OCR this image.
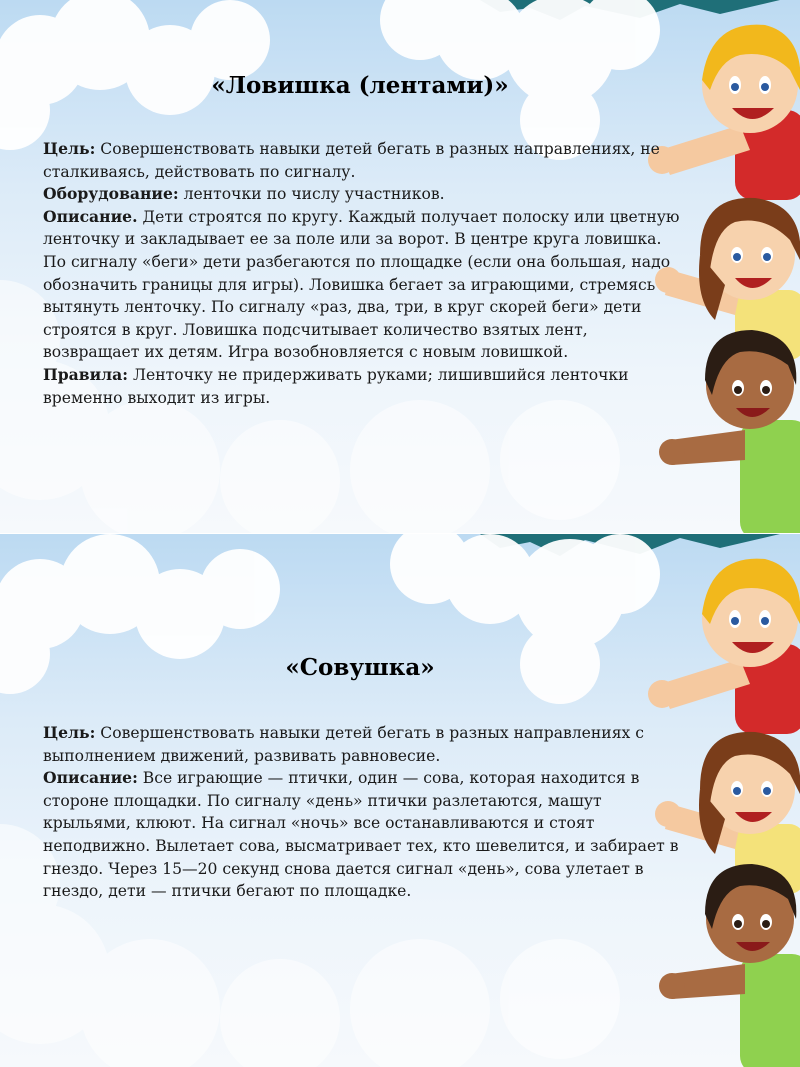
«Ловишка (лентами)»

Цель: Совершенствовать навыки детей бегать в разных направлениях, не сталкиваясь, действовать по сигналу.

Оборудование: ленточки по числу участников.

Описание. Дети строятся по кругу. Каждый получает полоску или цветную ленточку и закладывает ее за поле или за ворот. В центре круга ловишка. По сигналу «беги» дети разбегаются по площадке (если она большая, надо обозначить границы для игры). Ловишка бегает за играющими, стремясь вытянуть ленточку. По сигналу «раз, два, три, в круг скорей беги» дети строятся в круг. Ловишка подсчитывает количество взятых лент, возвращает их детям. Игра возобновляется с новым ловишкой.

Правила: Ленточку не придерживать руками; лишившийся ленточки временно выходит из игры.

«Совушка»

Цель: Совершенствовать навыки детей бегать в разных направлениях с выполнением движений, развивать равновесие.

Описание: Все играющие — птички, один — сова, которая находится в стороне площадки. По сигналу «день» птички разлетаются, машут крыльями, клюют. На сигнал «ночь» все останавливаются и стоят неподвижно. Вылетает сова, высматривает тех, кто шевелится, и забирает в гнездо. Через 15—20 секунд снова дается сигнал «день», сова улетает в гнездо, дети — птички бегают по площадке.
